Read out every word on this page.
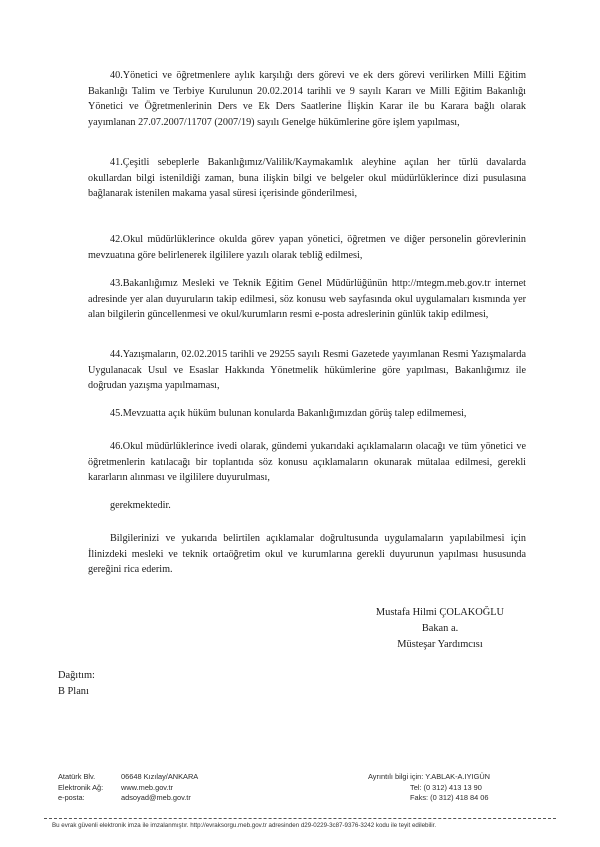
40.Yönetici ve öğretmenlere aylık karşılığı ders görevi ve ek ders görevi verilirken Milli Eğitim Bakanlığı Talim ve Terbiye Kurulunun 20.02.2014 tarihli ve 9 sayılı Kararı ve Milli Eğitim Bakanlığı Yönetici ve Öğretmenlerinin Ders ve Ek Ders Saatlerine İlişkin Karar ile bu Karara bağlı olarak yayımlanan 27.07.2007/11707 (2007/19) sayılı Genelge hükümlerine göre işlem yapılması,

41.Çeşitli sebeplerle Bakanlığımız/Valilik/Kaymakamlık aleyhine açılan her türlü davalarda okullardan bilgi istenildiği zaman, buna ilişkin bilgi ve belgeler okul müdürlüklerince dizi pusulasına bağlanarak istenilen makama yasal süresi içerisinde gönderilmesi,

42.Okul müdürlüklerince okulda görev yapan yönetici, öğretmen ve diğer personelin görevlerinin mevzuatına göre belirlenerek ilgililere yazılı olarak tebliğ edilmesi,

43.Bakanlığımız Mesleki ve Teknik Eğitim Genel Müdürlüğünün http://mtegm.meb.gov.tr internet adresinde yer alan duyuruların takip edilmesi, söz konusu web sayfasında okul uygulamaları kısmında yer alan bilgilerin güncellenmesi ve okul/kurumların resmi e-posta adreslerinin günlük takip edilmesi,

44.Yazışmaların, 02.02.2015 tarihli ve 29255 sayılı Resmi Gazetede yayımlanan Resmi Yazışmalarda Uygulanacak Usul ve Esaslar Hakkında Yönetmelik hükümlerine göre yapılması, Bakanlığımız ile doğrudan yazışma yapılmaması,

45.Mevzuatta açık hüküm bulunan konularda Bakanlığımızdan görüş talep edilmemesi,

46.Okul müdürlüklerince ivedi olarak, gündemi yukarıdaki açıklamaların olacağı ve tüm yönetici ve öğretmenlerin katılacağı bir toplantıda söz konusu açıklamaların okunarak mütalaa edilmesi, gerekli kararların alınması ve ilgililere duyurulması,

gerekmektedir.

Bilgilerinizi ve yukarıda belirtilen açıklamalar doğrultusunda uygulamaların yapılabilmesi için İlinizdeki mesleki ve teknik ortaöğretim okul ve kurumlarına gerekli duyurunun yapılması hususunda gereğini rica ederim.

Mustafa Hilmi ÇOLAKOĞLU
Bakan a.
Müsteşar Yardımcısı
Dağıtım:
B Planı
Atatürk Blv.	06648 Kızılay/ANKARA
Elektronik Ağ:	www.meb.gov.tr
e-posta:	adsoyad@meb.gov.tr
Ayrıntılı bilgi için: Y.ABLAK-A.IYIGÜN
Tel: (0 312) 413 13 90
Faks: (0 312) 418 84 06
Bu evrak güvenli elektronik imza ile imzalanmıştır. http://evraksorgu.meb.gov.tr adresinden d29-0229-3c87-9376-3242 kodu ile teyit edilebilir.
